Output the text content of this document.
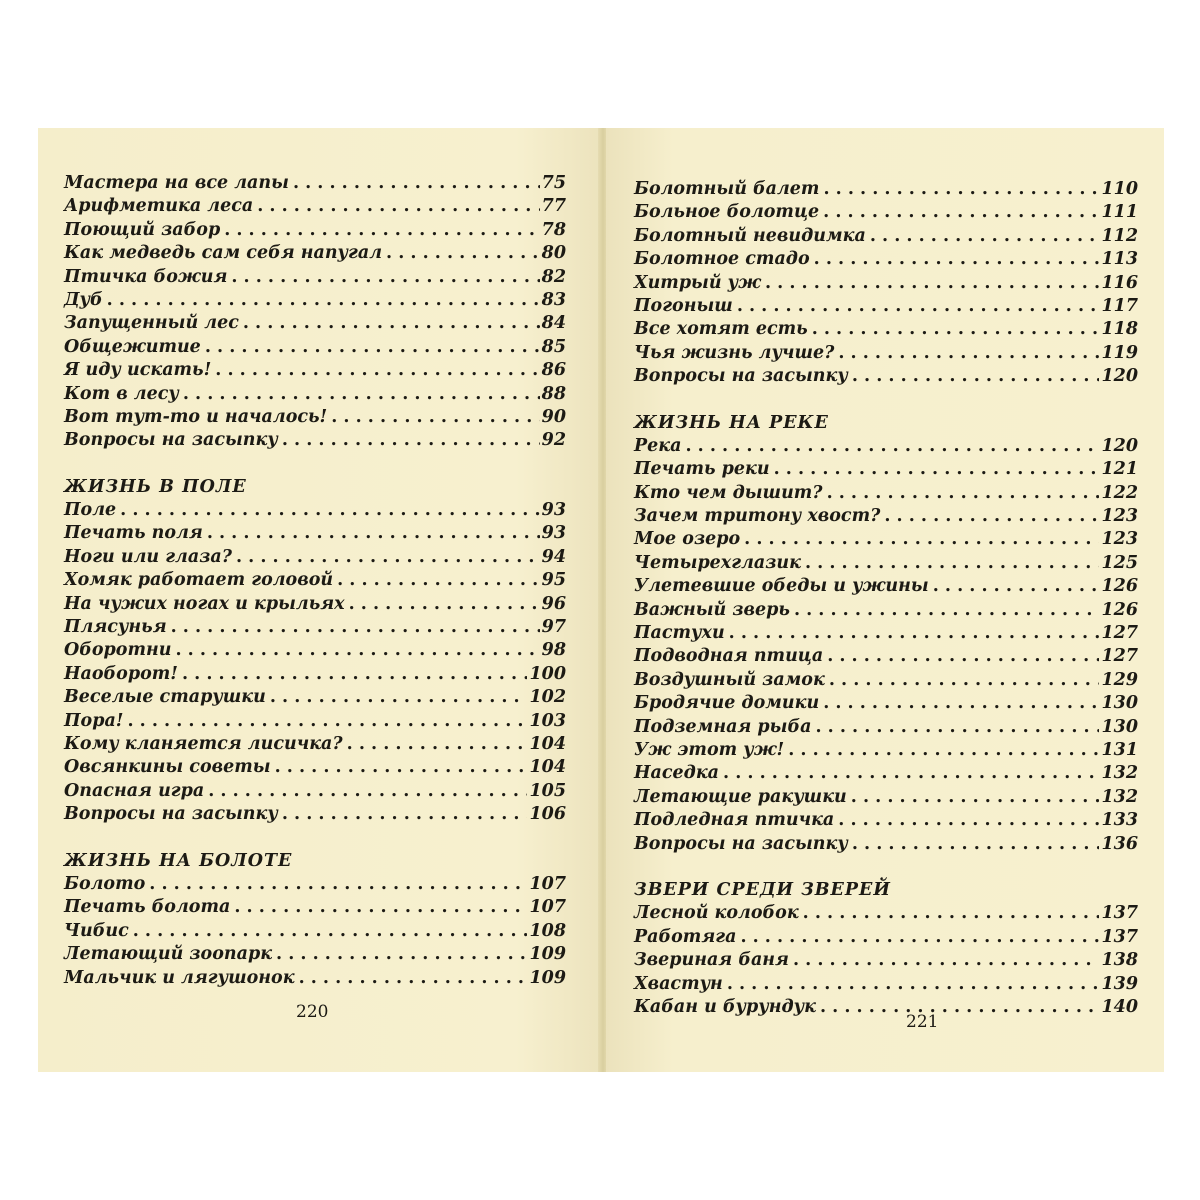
Мастера на все лапы . . .	75
Арифметика леса . . .	77
Поющий забор . . .	78
Как медведь сам себя напугал . . .	80
Птичка божия . . .	82
Дуб . . .	83
Запущенный лес . . .	84
Общежитие . . .	85
Я иду искать! . . .	86
Кот в лесу . . .	88
Вот тут-то и началось! . . .	90
Вопросы на засыпку . . .	92
ЖИЗНЬ В ПОЛЕ
Поле . . .	93
Печать поля . . .	93
Ноги или глаза? . . .	94
Хомяк работает головой . . .	95
На чужих ногах и крыльях . . .	96
Плясунья . . .	97
Оборотни . . .	98
Наоборот! . . .	100
Веселые старушки . . .	102
Пора! . . .	103
Кому кланяется лисичка? . . .	104
Овсянкины советы . . .	104
Опасная игра . . .	105
Вопросы на засыпку . . .	106
ЖИЗНЬ НА БОЛОТЕ
Болото . . .	107
Печать болота . . .	107
Чибис . . .	108
Летающий зоопарк . . .	109
Мальчик и лягушонок . . .	109
220
Болотный балет . . .	110
Больное болотце . . .	111
Болотный невидимка . . .	112
Болотное стадо . . .	113
Хитрый уж . . .	116
Погоныш . . .	117
Все хотят есть . . .	118
Чья жизнь лучше? . . .	119
Вопросы на засыпку . . .	120
ЖИЗНЬ НА РЕКЕ
Река . . .	120
Печать реки . . .	121
Кто чем дышит? . . .	122
Зачем тритону хвост? . . .	123
Мое озеро . . .	123
Четырехглазик . . .	125
Улетевшие обеды и ужины . . .	126
Важный зверь . . .	126
Пастухи . . .	127
Подводная птица . . .	127
Воздушный замок . . .	129
Бродячие домики . . .	130
Подземная рыба . . .	130
Уж этот уж! . . .	131
Наседка . . .	132
Летающие ракушки . . .	132
Подледная птичка . . .	133
Вопросы на засыпку . . .	136
ЗВЕРИ СРЕДИ ЗВЕРЕЙ
Лесной колобок . . .	137
Работяга . . .	137
Звериная баня . . .	138
Хвастун . . .	139
Кабан и бурундук . . .	140
221
